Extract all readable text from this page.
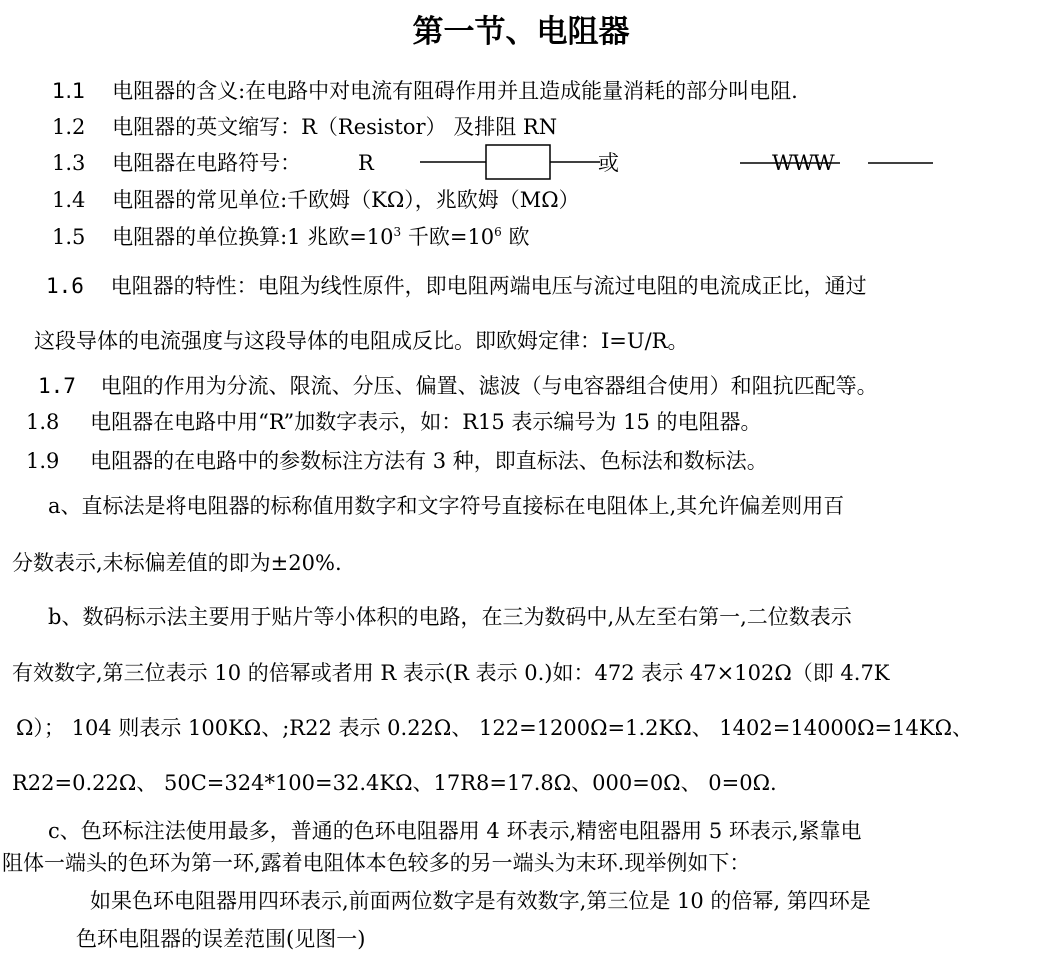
第一节、电阻器
1.1 电阻器的含义:在电路中对电流有阻碍作用并且造成能量消耗的部分叫电阻.
1.2 电阻器的英文缩写：R（Resistor） 及排阻 RN
1.3 电阻器在电路符号：	R	或	WWW
1.4 电阻器的常见单位:千欧姆（KΩ），兆欧姆（MΩ）
1.5 电阻器的单位换算:1 兆欧$=10^3$ 千欧$=10^6$ 欧
1.6 电阻器的特性：电阻为线性原件，即电阻两端电压与流过电阻的电流成正比，通过
这段导体的电流强度与这段导体的电阻成反比。即欧姆定律：I=U/R。
1.7 电阻的作用为分流、限流、分压、偏置、滤波（与电容器组合使用）和阻抗匹配等。
1.8 电阻器在电路中用“R”加数字表示，如：R15 表示编号为 15 的电阻器。
1.9 电阻器的在电路中的参数标注方法有 3 种，即直标法、色标法和数标法。
a、直标法是将电阻器的标称值用数字和文字符号直接标在电阻体上,其允许偏差则用百
分数表示,未标偏差值的即为±20%.
b、数码标示法主要用于贴片等小体积的电路，在三为数码中,从左至右第一,二位数表示
有效数字,第三位表示 10 的倍幂或者用 R 表示(R 表示 0.)如：472 表示 47×102Ω（即 4.7K
Ω）； 104 则表示 100KΩ、;R22 表示 0.22Ω、 122=1200Ω=1.2KΩ、 1402=14000Ω=14KΩ、
R22=0.22Ω、 50C=324*100=32.4KΩ、17R8=17.8Ω、000=0Ω、 0=0Ω.
c、色环标注法使用最多，普通的色环电阻器用 4 环表示,精密电阻器用 5 环表示,紧靠电
阻体一端头的色环为第一环,露着电阻体本色较多的另一端头为末环.现举例如下：
如果色环电阻器用四环表示,前面两位数字是有效数字,第三位是 10 的倍幂, 第四环是
色环电阻器的误差范围(见图一)
